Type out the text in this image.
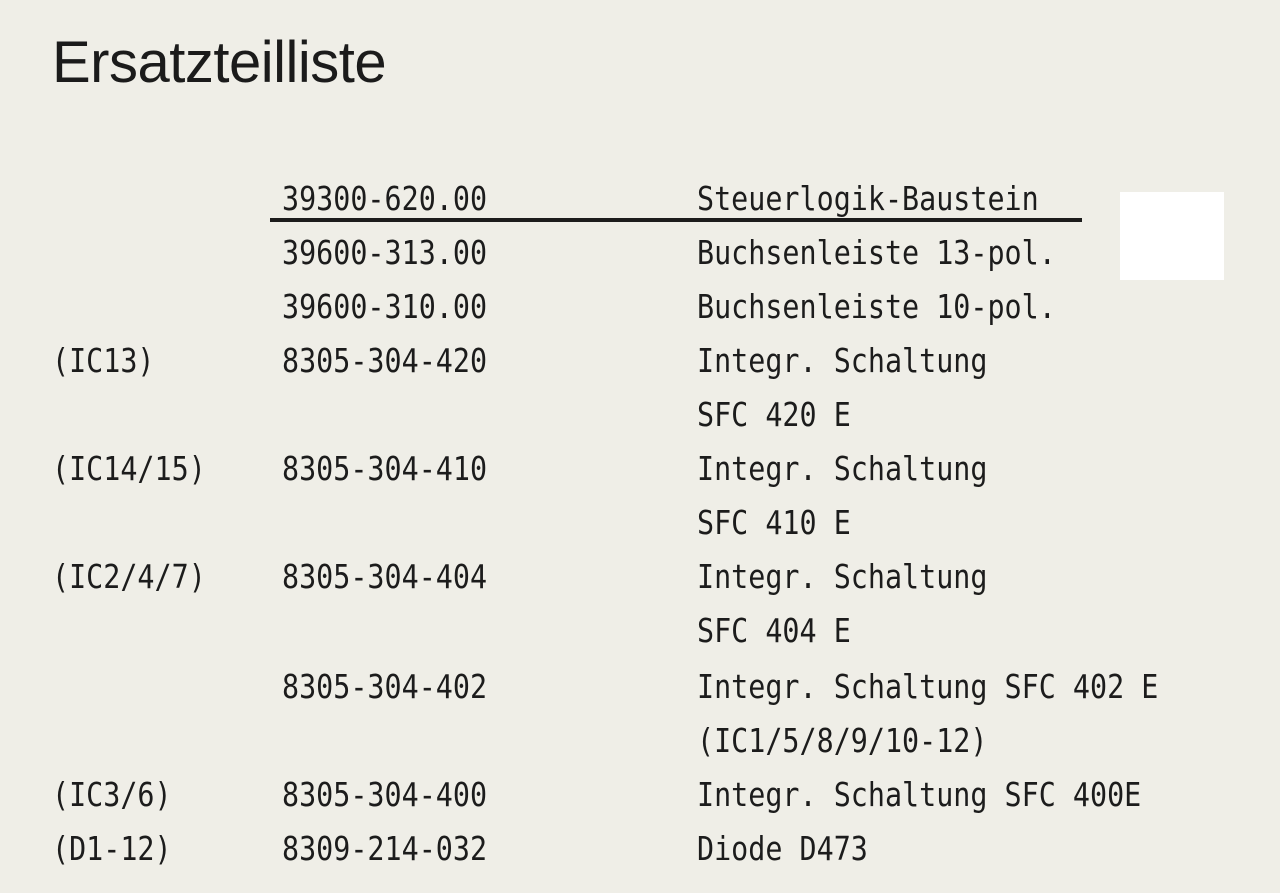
Ersatzteilliste
39300-620.00	Steuerlogik-Baustein
39600-313.00	Buchsenleiste 13-pol.
39600-310.00	Buchsenleiste 10-pol.
(IC13)	8305-304-420	Integr. Schaltung
SFC 420 E
(IC14/15) 8305-304-410	Integr. Schaltung
SFC 410 E
(IC2/4/7) 8305-304-404	Integr. Schaltung
SFC 404 E
8305-304-402	Integr. Schaltung SFC 402 E
(IC1/5/8/9/10-12)
(IC3/6)	8305-304-400	Integr. Schaltung SFC 400E
(D1-12)	8309-214-032	Diode D473
